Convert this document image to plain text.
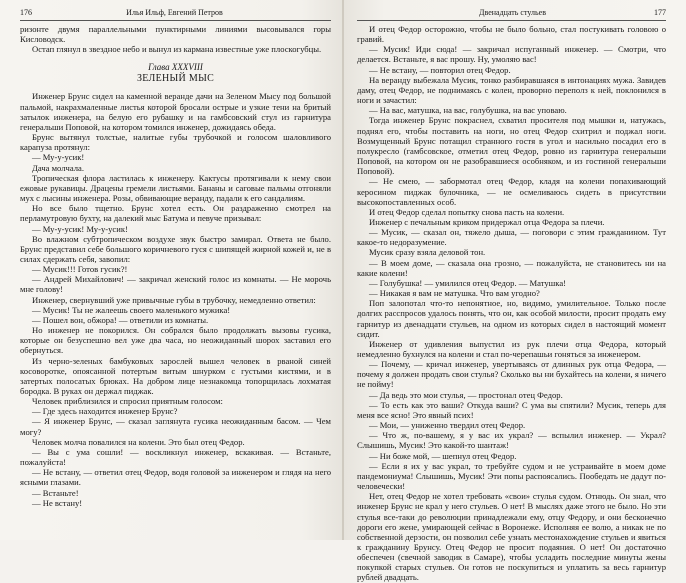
176	Илья Ильф, Евгений Петров

ризонте двумя параллельными пунктирными линиями высовывался горы Кисловодск.

Остап глянул в звездное небо и вынул из кармана известные уже плоскогубцы.

Глава XXXVIII
ЗЕЛЕНЫЙ МЫС

Инженер Брунс сидел на каменной веранде дачи на Зеленом Мысу под большой пальмой, накрахмаленные листья которой бросали острые и узкие тени на бритый затылок инженера, на белую его рубашку и на гамбсовский стул из гарнитура генеральши Поповой, на котором томился инженер, дожидаясь обеда.

Брунс вытянул толстые, налитые губы трубочкой и голосом шаловливого карапуза протянул:

— Му-у-усик!

Дача молчала.

Тропическая флора ластилась к инженеру. Кактусы протягивали к нему свои ежовые рукавицы. Драцены гремели листьями. Бананы и саговые пальмы отгоняли мух с лысины инженера. Розы, обвивающие веранду, падали к его сандалиям.

Но все было тщетно. Брунс хотел есть. Он раздраженно смотрел на перламутровую бухту, на далекий мыс Батума и певуче призывал:

— Му-у-усик! Му-у-усик!

Во влажном субтропическом воздухе звук быстро замирал. Ответа не было. Брунс представил себе большого коричневого гуся с шипящей жирной кожей и, не в силах сдержать себя, завопил:

— Мусик!!! Готов гусик?!

— Андрей Михайлович! — закричал женский голос из комнаты. — Не морочь мне голову!

Инженер, свернувший уже привычные губы в трубочку, немедленно ответил:

— Мусик! Ты не жалеешь своего маленького мужика!

— Пошел вон, обжора! — ответили из комнаты.

Но инженер не покорился. Он собрался было продолжать вызовы гусика, которые он безуспешно вел уже два часа, но неожиданный шорох заставил его обернуться.

Из черно-зеленых бамбуковых зарослей вышел человек в рваной синей косоворотке, опоясанной потертым витым шнурком с густыми кистями, и в затертых полосатых брюках. На добром лице незнакомца топорщилась лохматая бородка. В руках он держал пиджак.

Человек приблизился и спросил приятным голосом:

— Где здесь находится инженер Брунс?

— Я инженер Брунс, — сказал заглянута гусика неожиданным басом. — Чем могу?

Человек молча повалился на колени. Это был отец Федор.

— Вы с ума сошли! — воскликнул инженер, вскакивая. — Встаньте, пожалуйста!

— Не встану, — ответил отец Федор, водя головой за инженером и глядя на него ясными глазами.

— Встаньте!

— Не встану!

Двенадцать стульев	177

И отец Федор осторожно, чтобы не было больно, стал постукивать головою о гравий.

— Мусик! Иди сюда! — закричал испуганный инженер. — Смотри, что делается. Встаньте, я вас прошу. Ну, умоляю вас!

— Не встану, — повторил отец Федор.

На веранду выбежала Мусик, тонко разбиравшаяся в интонациях мужа. Завидев даму, отец Федор, не поднимаясь с колен, проворно переполз к ней, поклонился в ноги и зачастил:

— На вас, матушка, на вас, голубушка, на вас уповаю.

Тогда инженер Брунс покраснел, схватил просителя под мышки и, натужась, поднял его, чтобы поставить на ноги, но отец Федор схитрил и поджал ноги. Возмущенный Брунс потащил странного гостя в угол и насильно посадил его в полукресло (гамбсовское, отметил отец Федор, ровно из гарнитура генеральши Поповой, на котором он не разобравшиеся особняком, и из гостиной генеральши Поповой).

— Не смею, — забормотал отец Федор, кладя на колени попахивающий керосином пиджак булочника, — не осмеливаюсь сидеть в присутствии высокопоставленных особ.

И отец Федор сделал попытку снова пасть на колени.

Инженер с печальным криком придержал отца Федора за плечи.

— Мусик, — сказал он, тяжело дыша, — поговори с этим гражданином. Тут какое-то недоразумение.

Мусик сразу взяла деловой тон.

— В моем доме, — сказала она грозно, — пожалуйста, не становитесь ни на какие колени!

— Голубушка! — умилился отец Федор. — Матушка!

— Никакая я вам не матушка. Что вам угодно?

Поп залопотал что-то непонятное, но, видимо, умилительное. Только после долгих расспросов удалось понять, что он, как особой милости, просит продать ему гарнитур из двенадцати стульев, на одном из которых сидел в настоящий момент сидит.

Инженер от удивления выпустил из рук плечи отца Федора, который немедленно бухнулся на колени и стал по-черепашьи гоняться за инженером.

— Почему, — кричал инженер, увертываясь от длинных рук отца Федора, — почему я должен продать свои стулья? Сколько вы ни бухайтесь на колени, я ничего не пойму!

— Да ведь это мои стулья, — простонал отец Федор.

— То есть как это ваши? Откуда ваши? С ума вы спятили? Мусик, теперь для меня все ясно! Это явный псих!

— Мои, — униженно твердил отец Федор.

— Что ж, по-вашему, я у вас их украл? — вспылил инженер. — Украл? Слышишь, Мусик! Это какой-то шантаж!

— Ни боже мой, — шепнул отец Федор.

— Если я их у вас украл, то требуйте судом и не устраивайте в моем доме пандемониума! Слышишь, Мусик! Эти попы распоясались. Пообедать не дадут по-человечески!

Нет, отец Федор не хотел требовать «свои» стулья судом. Отнюдь. Он знал, что инженер Брунс не крал у него стульев. О нет! В мыслях даже этого не было. Но эти стулья все-таки до революции принадлежали ему, отцу Федору, и они бесконечно дороги его жене, умирающей сейчас в Воронеже. Исполняя ее волю, а никак не по собственной дерзости, он позволил себе узнать местонахождение стульев и явиться к гражданину Брунсу. Отец Федор не просит подаяния. О нет! Он достаточно обеспечен (свечной заводик в Самаре), чтобы усладить последние минуты жены покупкой старых стульев. Он готов не поскупиться и уплатить за весь гарнитур рублей двадцать.
